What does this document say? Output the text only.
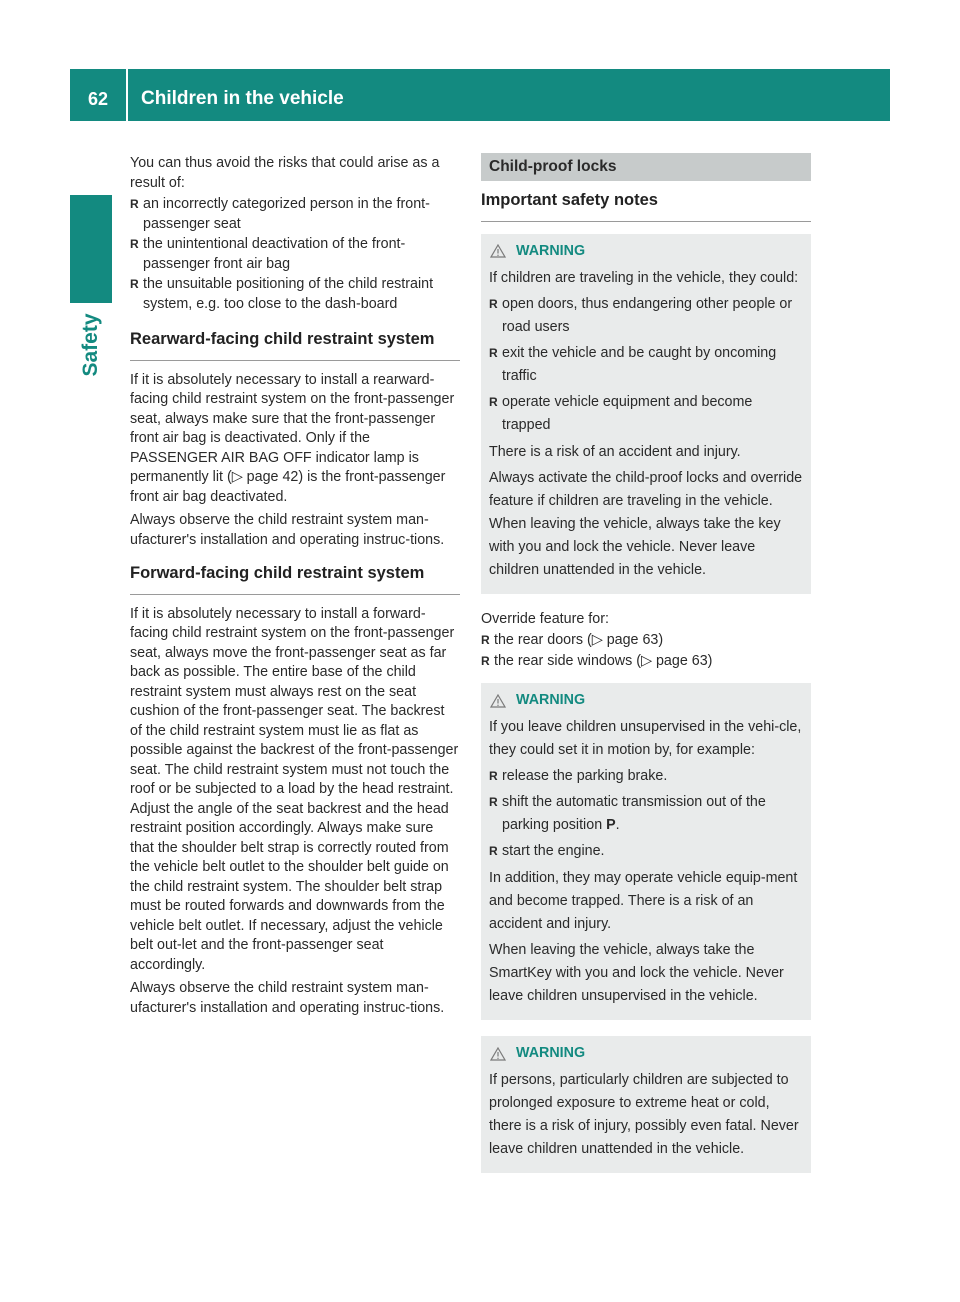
62	Children in the vehicle
Safety

You can thus avoid the risks that could arise as a result of:

R an incorrectly categorized person in the front-passenger seat
R the unintentional deactivation of the front-passenger front air bag
R the unsuitable positioning of the child restraint system, e.g. too close to the dash-board
Rearward-facing child restraint system

If it is absolutely necessary to install a rearward-facing child restraint system on the front-passenger seat, always make sure that the front-passenger front air bag is deactivated. Only if the PASSENGER AIR BAG OFF indicator lamp is permanently lit (▷ page 42) is the front-passenger front air bag deactivated.

Always observe the child restraint system man-ufacturer's installation and operating instruc-tions.

Forward-facing child restraint system

If it is absolutely necessary to install a forward-facing child restraint system on the front-passenger seat, always move the front-passenger seat as far back as possible. The entire base of the child restraint system must always rest on the seat cushion of the front-passenger seat. The backrest of the child restraint system must lie as flat as possible against the backrest of the front-passenger seat. The child restraint system must not touch the roof or be subjected to a load by the head restraint. Adjust the angle of the seat backrest and the head restraint position accordingly. Always make sure that the shoulder belt strap is correctly routed from the vehicle belt outlet to the shoulder belt guide on the child restraint system. The shoulder belt strap must be routed forwards and downwards from the vehicle belt outlet. If necessary, adjust the vehicle belt out-let and the front-passenger seat accordingly.

Always observe the child restraint system man-ufacturer's installation and operating instruc-tions.

Child-proof locks
Important safety notes
WARNING

If children are traveling in the vehicle, they could:

R open doors, thus endangering other people or road users
R exit the vehicle and be caught by oncoming traffic
R operate vehicle equipment and become trapped

There is a risk of an accident and injury.

Always activate the child-proof locks and override feature if children are traveling in the vehicle. When leaving the vehicle, always take the key with you and lock the vehicle. Never leave children unattended in the vehicle.

Override feature for:

R the rear doors (▷ page 63)
R the rear side windows (▷ page 63)
WARNING

If you leave children unsupervised in the vehi-cle, they could set it in motion by, for example:

R release the parking brake.
R shift the automatic transmission out of the parking position P.
R start the engine.

In addition, they may operate vehicle equip-ment and become trapped. There is a risk of an accident and injury.

When leaving the vehicle, always take the SmartKey with you and lock the vehicle. Never leave children unsupervised in the vehicle.

WARNING

If persons, particularly children are subjected to prolonged exposure to extreme heat or cold, there is a risk of injury, possibly even fatal. Never leave children unattended in the vehicle.
